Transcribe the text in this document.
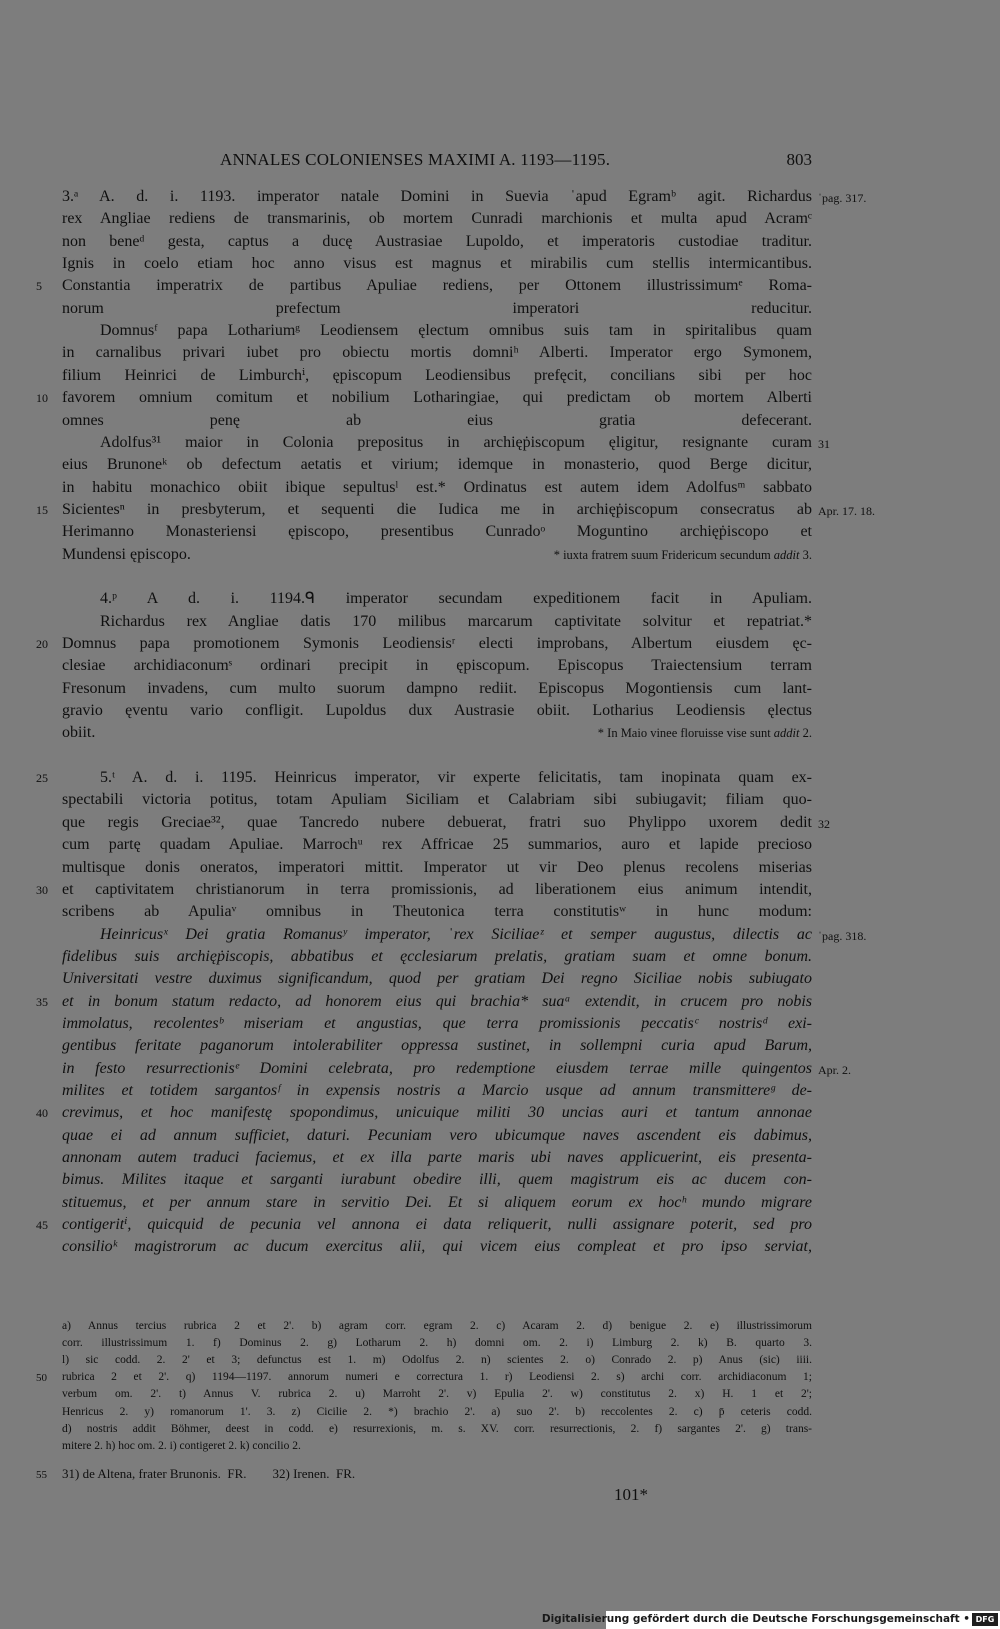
ANNALES COLONIENSES MAXIMI A. 1193—1195.	803
3.ᵃ A. d. i. 1193. imperator natale Domini in Suevia ˈapud Egramᵇ agit. Richardus ˈpag. 317.
rex Angliae rediens de transmarinis, ob mortem Cunradi marchionis et multa apud Acramᶜ
non beneᵈ gesta, captus a ducę Austrasiae Lupoldo, et imperatoris custodiae traditur.
Ignis in coelo etiam hoc anno visus est magnus et mirabilis cum stellis intermicantibus.
Constantia imperatrix de partibus Apuliae rediens, per Ottonem illustrissimumᵉ Roma-
5
norum prefectum imperatori reducitur.
Domnusᶠ papa Lothariumᵍ Leodiensem ęlectum omnibus suis tam in spiritalibus quam
in carnalibus privari iubet pro obiectu mortis domniʰ Alberti. Imperator ergo Symonem,
filium Heinrici de Limburchⁱ, ępiscopum Leodiensibus prefęcit, concilians sibi per hoc
favorem omnium comitum et nobilium Lotharingiae, qui predictam ob mortem Alberti
10
omnes penę ab eius gratia defecerant.
Adolfus³¹ maior in Colonia prepositus in archięṗiscopum ęligitur, resignante curam 31
eius Brunoneᵏ ob defectum aetatis et virium; idemque in monasterio, quod Berge dicitur,
in habitu monachico obiit ibique sepultusˡ est.* Ordinatus est autem idem Adolfusᵐ sabbato
Sicientesⁿ in presbyterum, et sequenti die Iudica me in archięṗiscopum consecratus ab
15	Apr. 17. 18.
Herimanno Monasteriensi ępiscopo, presentibus Cunradoᵒ Moguntino archięṗiscopo et
Mundensi ępiscopo.	* iuxta fratrem suum Fridericum secundum addit 3.
4.ᵖ A d. i. 1194.ᑫ imperator secundam expeditionem facit in Apuliam.
Richardus rex Angliae datis 170 milibus marcarum captivitate solvitur et repatriat.*
Domnus papa promotionem Symonis Leodiensisʳ electi improbans, Albertum eiusdem ęc-
20
clesiae archidiaconumˢ ordinari precipit in ępiscopum. Episcopus Traiectensium terram
Fresonum invadens, cum multo suorum dampno rediit. Episcopus Mogontiensis cum lant-
gravio ęventu vario confligit. Lupoldus dux Austrasie obiit. Lotharius Leodiensis ęlectus
obiit.	* In Maio vinee floruisse vise sunt addit 2.
5.ᵗ A. d. i. 1195. Heinricus imperator, vir experte felicitatis, tam inopinata quam ex-
25
spectabili victoria potitus, totam Apuliam Siciliam et Calabriam sibi subiugavit; filiam quo-
que regis Greciae³², quae Tancredo nubere debuerat, fratri suo Phylippo uxorem dedit 32
cum partę quadam Apuliae. Marrochᵘ rex Affricae 25 summarios, auro et lapide precioso
multisque donis oneratos, imperatori mittit. Imperator ut vir Deo plenus recolens miserias
et captivitatem christianorum in terra promissionis, ad liberationem eius animum intendit,
30
scribens ab Apuliaᵛ omnibus in Theutonica terra constitutisʷ in hunc modum:
Heinricusˣ Dei gratia Romanusʸ imperator, ˈrex Siciliaeᶻ et semper augustus, dilectis ac ˈpag. 318.
fidelibus suis archięṗiscopis, abbatibus et ęcclesiarum prelatis, gratiam suam et omne bonum.
Universitati vestre duximus significandum, quod per gratiam Dei regno Siciliae nobis subiugato
et in bonum statum redacto, ad honorem eius qui brachia* suaᵃ extendit, in crucem pro nobis
35
immolatus, recolentesᵇ miseriam et angustias, que terra promissionis peccatisᶜ nostrisᵈ exi-
gentibus feritate paganorum intolerabiliter oppressa sustinet, in sollempni curia apud Barum,
in festo resurrectionisᵉ Domini celebrata, pro redemptione eiusdem terrae mille quingentos Apr. 2.
milites et totidem sargantosᶠ in expensis nostris a Marcio usque ad annum transmittereᵍ de-
crevimus, et hoc manifestę spopondimus, unicuique militi 30 uncias auri et tantum annonae
40
quae ei ad annum sufficiet, daturi. Pecuniam vero ubicumque naves ascendent eis dabimus,
annonam autem traduci faciemus, et ex illa parte maris ubi naves applicuerint, eis presenta-
bimus. Milites itaque et sarganti iurabunt obedire illi, quem magistrum eis ac ducem con-
stituemus, et per annum stare in servitio Dei. Et si aliquem eorum ex hocʰ mundo migrare
contigeritⁱ, quicquid de pecunia vel annona ei data reliquerit, nulli assignare poterit, sed pro
45
consilioᵏ magistrorum ac ducum exercitus alii, qui vicem eius compleat et pro ipso serviat,
a) Annus tercius rubrica 2 et 2'. b) agram corr. egram 2. c) Acaram 2. d) benigue 2. e) illustrissimorum
corr. illustrissimum 1. f) Dominus 2. g) Lotharum 2. h) domni om. 2. i) Limburg 2. k) B. quarto 3.
l) sic codd. 2. 2' et 3; defunctus est 1. m) Odolfus 2. n) scientes 2. o) Conrado 2. p) Anus (sic) iiii.
rubrica 2 et 2'. q) 1194—1197. annorum numeri e correctura 1. r) Leodiensi 2. s) archi corr. archidiaconum 1;
50
verbum om. 2'. t) Annus V. rubrica 2. u) Marroht 2'. v) Epulia 2'. w) constitutus 2. x) H. 1 et 2';
Henricus 2. y) romanorum 1'. 3. z) Cicilie 2. *) brachio 2'. a) suo 2'. b) reccolentes 2. c) p̄ ceteris codd.
d) nostris addit Böhmer, deest in codd. e) resurrexionis, m. s. XV. corr. resurrectionis, 2. f) sargantes 2'. g) trans-
mitere 2. h) hoc om. 2. i) contigeret 2. k) concilio 2.
31) de Altena, frater Brunonis.  FR.        32) Irenen.  FR.
55
101*
Digitalisierung gefördert durch die Deutsche Forschungsgemeinschaft • DFG
